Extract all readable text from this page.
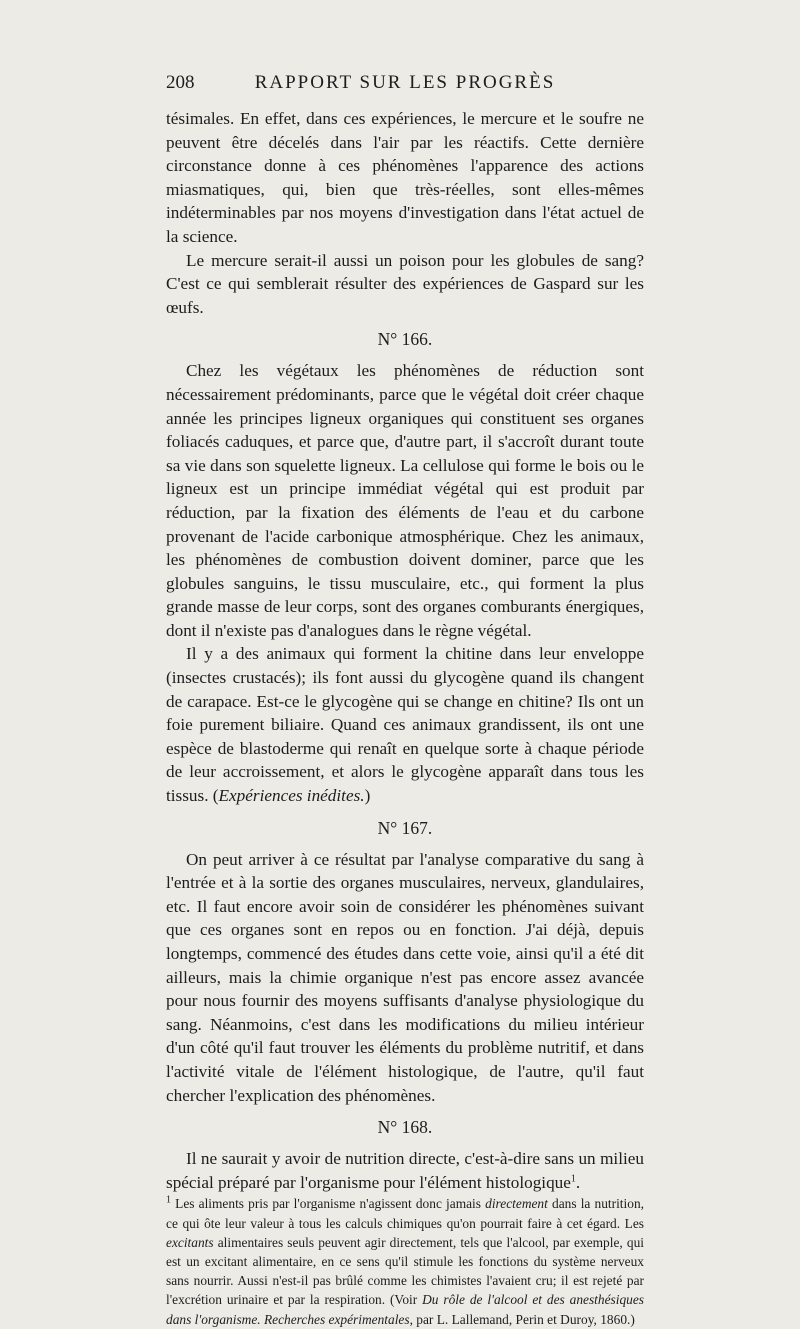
208	RAPPORT SUR LES PROGRÈS

tésimales. En effet, dans ces expériences, le mercure et le soufre ne peuvent être décelés dans l'air par les réactifs. Cette dernière circonstance donne à ces phénomènes l'apparence des actions miasmatiques, qui, bien que très-réelles, sont elles-mêmes indéterminables par nos moyens d'investigation dans l'état actuel de la science.

Le mercure serait-il aussi un poison pour les globules de sang? C'est ce qui semblerait résulter des expériences de Gaspard sur les œufs.

N° 166.

Chez les végétaux les phénomènes de réduction sont nécessairement prédominants, parce que le végétal doit créer chaque année les principes ligneux organiques qui constituent ses organes foliacés caduques, et parce que, d'autre part, il s'accroît durant toute sa vie dans son squelette ligneux. La cellulose qui forme le bois ou le ligneux est un principe immédiat végétal qui est produit par réduction, par la fixation des éléments de l'eau et du carbone provenant de l'acide carbonique atmosphérique. Chez les animaux, les phénomènes de combustion doivent dominer, parce que les globules sanguins, le tissu musculaire, etc., qui forment la plus grande masse de leur corps, sont des organes comburants énergiques, dont il n'existe pas d'analogues dans le règne végétal.

Il y a des animaux qui forment la chitine dans leur enveloppe (insectes crustacés); ils font aussi du glycogène quand ils changent de carapace. Est-ce le glycogène qui se change en chitine? Ils ont un foie purement biliaire. Quand ces animaux grandissent, ils ont une espèce de blastoderme qui renaît en quelque sorte à chaque période de leur accroissement, et alors le glycogène apparaît dans tous les tissus. (Expériences inédites.)

N° 167.

On peut arriver à ce résultat par l'analyse comparative du sang à l'entrée et à la sortie des organes musculaires, nerveux, glandulaires, etc. Il faut encore avoir soin de considérer les phénomènes suivant que ces organes sont en repos ou en fonction. J'ai déjà, depuis longtemps, commencé des études dans cette voie, ainsi qu'il a été dit ailleurs, mais la chimie organique n'est pas encore assez avancée pour nous fournir des moyens suffisants d'analyse physiologique du sang. Néanmoins, c'est dans les modifications du milieu intérieur d'un côté qu'il faut trouver les éléments du problème nutritif, et dans l'activité vitale de l'élément histologique, de l'autre, qu'il faut chercher l'explication des phénomènes.

N° 168.

Il ne saurait y avoir de nutrition directe, c'est-à-dire sans un milieu spécial préparé par l'organisme pour l'élément histologique$^1$.

$^1$ Les aliments pris par l'organisme n'agissent donc jamais directement dans la nutrition, ce qui ôte leur valeur à tous les calculs chimiques qu'on pourrait faire à cet égard. Les excitants alimentaires seuls peuvent agir directement, tels que l'alcool, par exemple, qui est un excitant alimentaire, en ce sens qu'il stimule les fonctions du système nerveux sans nourrir. Aussi n'est-il pas brûlé comme les chimistes l'avaient cru; il est rejeté par l'excrétion urinaire et par la respiration. (Voir Du rôle de l'alcool et des anesthésiques dans l'organisme. Recherches expérimentales, par L. Lallemand, Perin et Duroy, 1860.)
